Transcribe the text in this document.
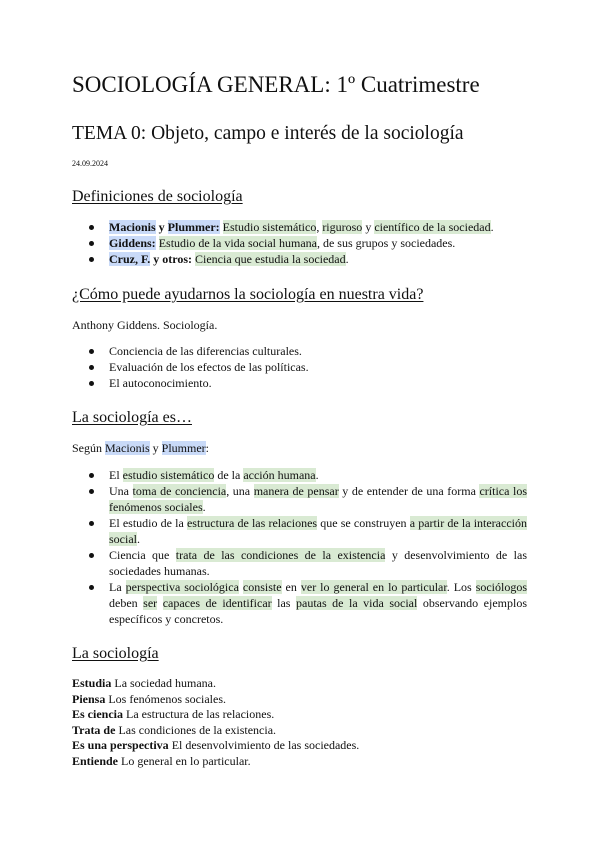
SOCIOLOGÍA GENERAL: 1º Cuatrimestre
TEMA 0: Objeto, campo e interés de la sociología
24.09.2024
Definiciones de sociología
Macionis y Plummer: Estudio sistemático, riguroso y científico de la sociedad.
Giddens: Estudio de la vida social humana, de sus grupos y sociedades.
Cruz, F. y otros: Ciencia que estudia la sociedad.
¿Cómo puede ayudarnos la sociología en nuestra vida?
Anthony Giddens. Sociología.
Conciencia de las diferencias culturales.
Evaluación de los efectos de las políticas.
El autoconocimiento.
La sociología es…
Según Macionis y Plummer:
El estudio sistemático de la acción humana.
Una toma de conciencia, una manera de pensar y de entender de una forma crítica los fenómenos sociales.
El estudio de la estructura de las relaciones que se construyen a partir de la interacción social.
Ciencia que trata de las condiciones de la existencia y desenvolvimiento de las sociedades humanas.
La perspectiva sociológica consiste en ver lo general en lo particular. Los sociólogos deben ser capaces de identificar las pautas de la vida social observando ejemplos específicos y concretos.
La sociología
Estudia La sociedad humana.
Piensa Los fenómenos sociales.
Es ciencia La estructura de las relaciones.
Trata de Las condiciones de la existencia.
Es una perspectiva El desenvolvimiento de las sociedades.
Entiende Lo general en lo particular.
